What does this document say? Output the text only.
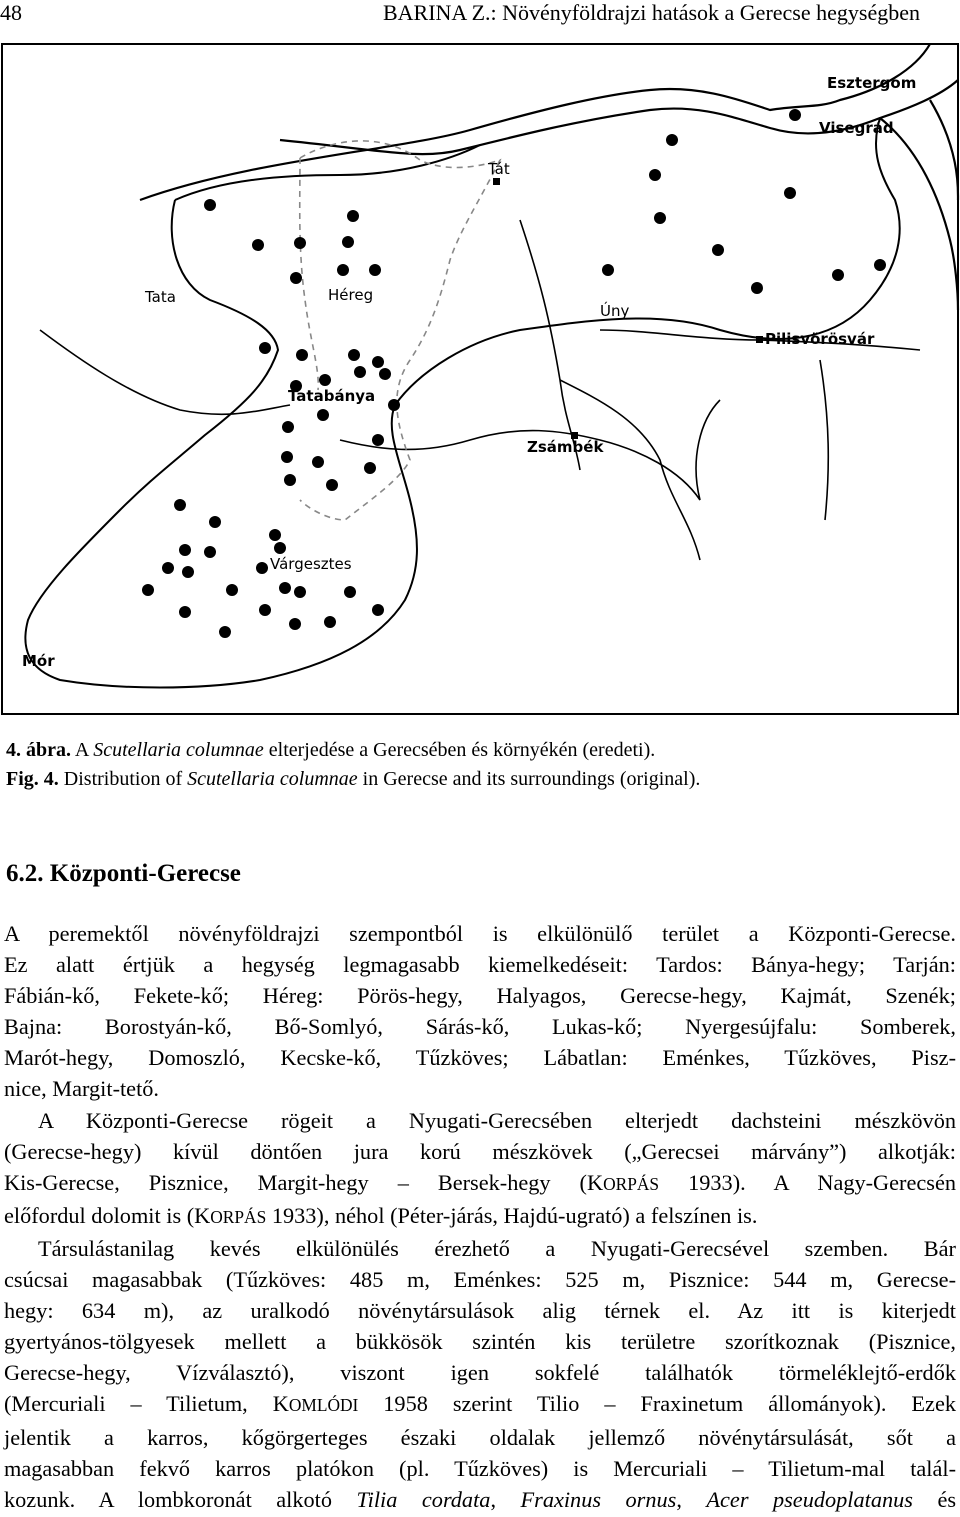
48	BARINA Z.: Növényföldrajzi hatások a Gerecse hegységben
Esztergom
Visegrád
Tát
Tata	Héreg
Úny
Pilisvörösvár
Tatabánya
Zsámbék
Várgesztes
Mór
4. ábra. A Scutellaria columnae elterjedése a Gerecsében és környékén (eredeti).
Fig. 4. Distribution of Scutellaria columnae in Gerecse and its surroundings (original).
6.2. Központi-Gerecse

A peremektől növényföldrajzi szempontból is elkülönülő terület a Központi-Gerecse.

Ez alatt értjük a hegység legmagasabb kiemelkedéseit: Tardos: Bánya-hegy; Tarján:

Fábián-kő, Fekete-kő; Héreg: Pörös-hegy, Halyagos, Gerecse-hegy, Kajmát, Szenék;

Bajna: Borostyán-kő, Bő-Somlyó, Sárás-kő, Lukas-kő; Nyergesújfalu: Somberek,

Marót-hegy, Domoszló, Kecske-kő, Tűzköves; Lábatlan: Eménkes, Tűzköves, Pisz-

nice, Margit-tető.

A Központi-Gerecse rögeit a Nyugati-Gerecsében elterjedt dachsteini mészkövön

(Gerecse-hegy) kívül döntően jura korú mészkövek („Gerecsei márvány”) alkotják:

Kis-Gerecse, Pisznice, Margit-hegy – Bersek-hegy (KORPÁS 1933). A Nagy-Gerecsén

előfordul dolomit is (KORPÁS 1933), néhol (Péter-járás, Hajdú-ugrató) a felszínen is.

Társulástanilag kevés elkülönülés érezhető a Nyugati-Gerecsével szemben. Bár

csúcsai magasabbak (Tűzköves: 485 m, Eménkes: 525 m, Pisznice: 544 m, Gerecse-

hegy: 634 m), az uralkodó növénytársulások alig térnek el. Az itt is kiterjedt

gyertyános-tölgyesek mellett a bükkösök szintén kis területre szorítkoznak (Pisznice,

Gerecse-hegy, Vízválasztó), viszont igen sokfelé találhatók törmeléklejtő-erdők

(Mercuriali – Tilietum, KOMLÓDI 1958 szerint Tilio – Fraxinetum állományok). Ezek

jelentik a karros, kőgörgerteges északi oldalak jellemző növénytársulását, sőt a

magasabban fekvő karros platókon (pl. Tűzköves) is Mercuriali – Tilietum-mal talál-

kozunk. A lombkoronát alkotó Tilia cordata, Fraxinus ornus, Acer pseudoplatanus és
